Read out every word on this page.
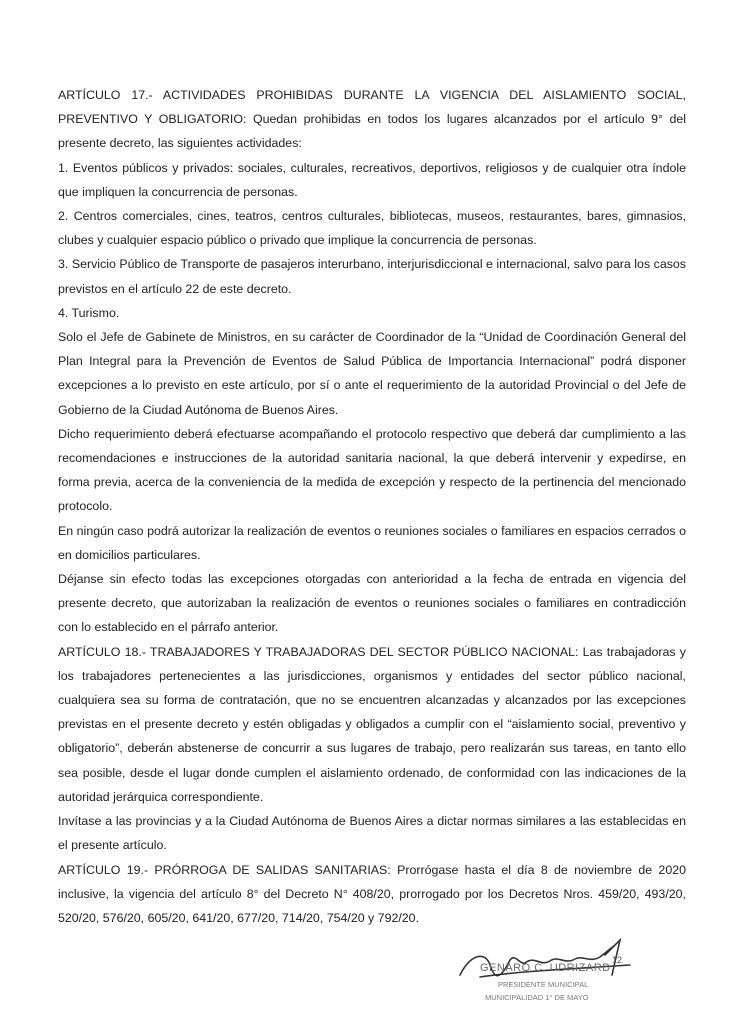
ARTÍCULO 17.- ACTIVIDADES PROHIBIDAS DURANTE LA VIGENCIA DEL AISLAMIENTO SOCIAL, PREVENTIVO Y OBLIGATORIO: Quedan prohibidas en todos los lugares alcanzados por el artículo 9° del presente decreto, las siguientes actividades:

1. Eventos públicos y privados: sociales, culturales, recreativos, deportivos, religiosos y de cualquier otra índole que impliquen la concurrencia de personas.

2. Centros comerciales, cines, teatros, centros culturales, bibliotecas, museos, restaurantes, bares, gimnasios, clubes y cualquier espacio público o privado que implique la concurrencia de personas.

3. Servicio Público de Transporte de pasajeros interurbano, interjurisdiccional e internacional, salvo para los casos previstos en el artículo 22 de este decreto.

4. Turismo.

Solo el Jefe de Gabinete de Ministros, en su carácter de Coordinador de la “Unidad de Coordinación General del Plan Integral para la Prevención de Eventos de Salud Pública de Importancia Internacional” podrá disponer excepciones a lo previsto en este artículo, por sí o ante el requerimiento de la autoridad Provincial o del Jefe de Gobierno de la Ciudad Autónoma de Buenos Aires.

Dicho requerimiento deberá efectuarse acompañando el protocolo respectivo que deberá dar cumplimiento a las recomendaciones e instrucciones de la autoridad sanitaria nacional, la que deberá intervenir y expedirse, en forma previa, acerca de la conveniencia de la medida de excepción y respecto de la pertinencia del mencionado protocolo.

En ningún caso podrá autorizar la realización de eventos o reuniones sociales o familiares en espacios cerrados o en domicilios particulares.

Déjanse sin efecto todas las excepciones otorgadas con anterioridad a la fecha de entrada en vigencia del presente decreto, que autorizaban la realización de eventos o reuniones sociales o familiares en contradicción con lo establecido en el párrafo anterior.

ARTÍCULO 18.- TRABAJADORES Y TRABAJADORAS DEL SECTOR PÚBLICO NACIONAL: Las trabajadoras y los trabajadores pertenecientes a las jurisdicciones, organismos y entidades del sector público nacional, cualquiera sea su forma de contratación, que no se encuentren alcanzadas y alcanzados por las excepciones previstas en el presente decreto y estén obligadas y obligados a cumplir con el “aislamiento social, preventivo y obligatorio”, deberán abstenerse de concurrir a sus lugares de trabajo, pero realizarán sus tareas, en tanto ello sea posible, desde el lugar donde cumplen el aislamiento ordenado, de conformidad con las indicaciones de la autoridad jerárquica correspondiente.

Invítase a las provincias y a la Ciudad Autónoma de Buenos Aires a dictar normas similares a las establecidas en el presente artículo.

ARTÍCULO 19.- PRÓRROGA DE SALIDAS SANITARIAS: Prorrógase hasta el día 8 de noviembre de 2020 inclusive, la vigencia del artículo 8° del Decreto N° 408/20, prorrogado por los Decretos Nros. 459/20, 493/20, 520/20, 576/20, 605/20, 641/20, 677/20, 714/20, 754/20 y 792/20.

12
GENARO C. UDRIZARD
PRESIDENTE MUNICIPAL
MUNICIPALIDAD 1° DE MAYO
